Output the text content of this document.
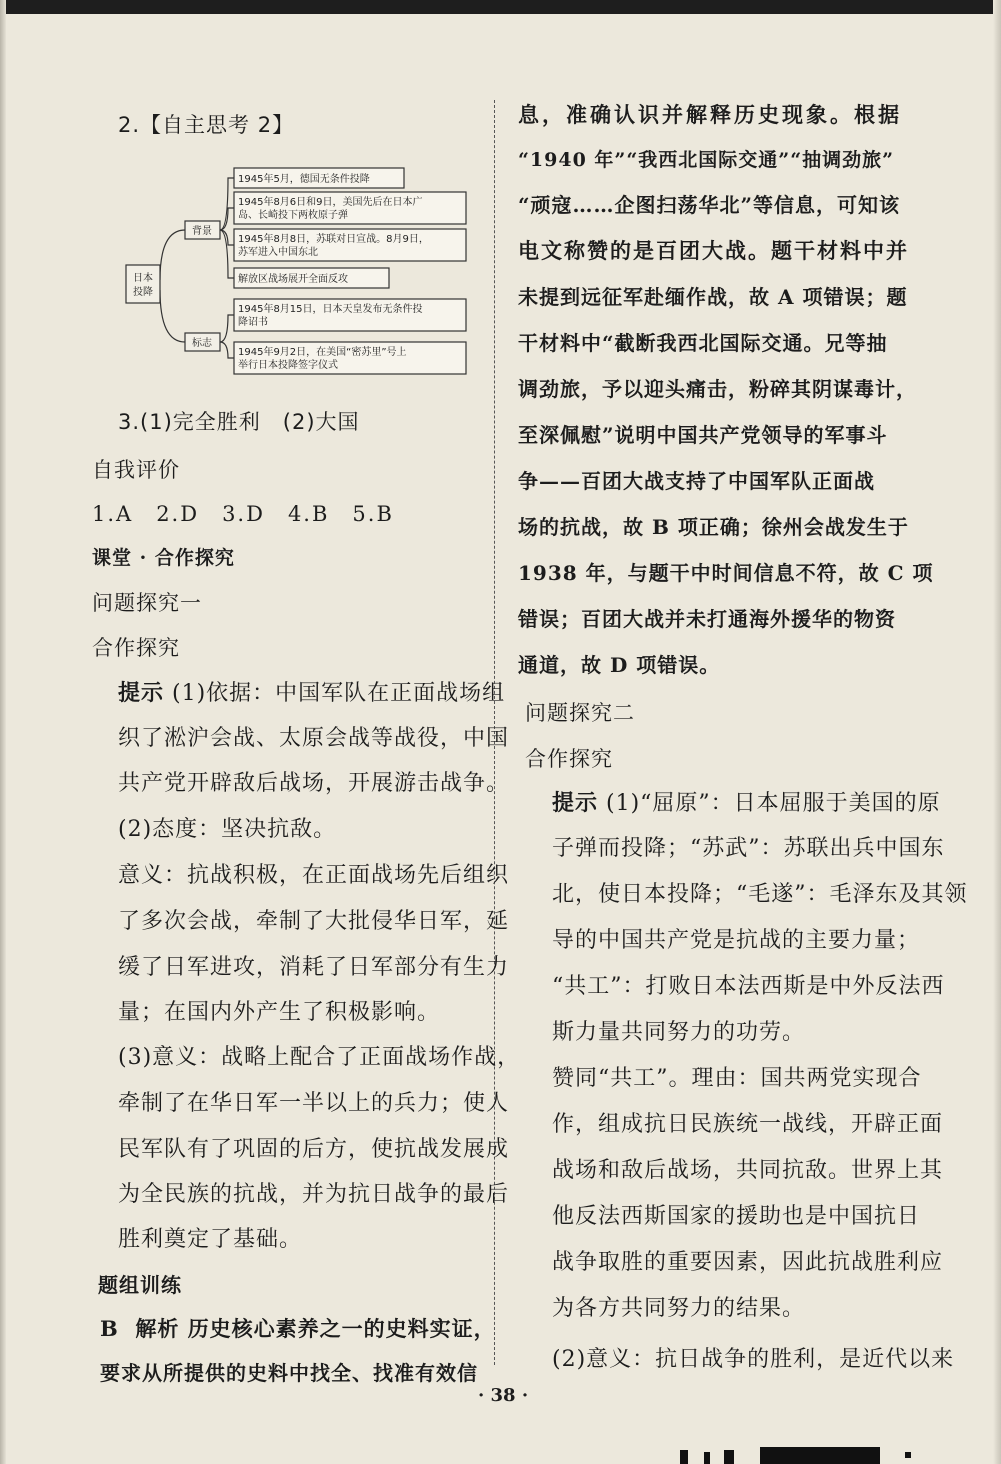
2.【自主思考 2】
日本
投降
背景
标志
1945年5月，德国无条件投降
1945年8月6日和9日，美国先后在日本广
岛、长崎投下两枚原子弹
1945年8月8日，苏联对日宣战。8月9日，
苏军进入中国东北
解放区战场展开全面反攻
1945年8月15日，日本天皇发布无条件投
降诏书
1945年9月2日，在美国“密苏里”号上
举行日本投降签字仪式
3.(1)完全胜利　(2)大国
自我评价
1.A　2.D　3.D　4.B　5.B
课堂 · 合作探究
问题探究一
合作探究
提示 (1)依据：中国军队在正面战场组
织了淞沪会战、太原会战等战役，中国
共产党开辟敌后战场，开展游击战争。
(2)态度：坚决抗敌。
意义：抗战积极，在正面战场先后组织
了多次会战，牵制了大批侵华日军，延
缓了日军进攻，消耗了日军部分有生力
量；在国内外产生了积极影响。
(3)意义：战略上配合了正面战场作战，
牵制了在华日军一半以上的兵力；使人
民军队有了巩固的后方，使抗战发展成
为全民族的抗战，并为抗日战争的最后
胜利奠定了基础。
题组训练
B 解析 历史核心素养之一的史料实证，
要求从所提供的史料中找全、找准有效信
息，准确认识并解释历史现象。根据
“1940 年”“我西北国际交通”“抽调劲旅”
“顽寇……企图扫荡华北”等信息，可知该
电文称赞的是百团大战。题干材料中并
未提到远征军赴缅作战，故 A 项错误；题
干材料中“截断我西北国际交通。兄等抽
调劲旅，予以迎头痛击，粉碎其阴谋毒计，
至深佩慰”说明中国共产党领导的军事斗
争——百团大战支持了中国军队正面战
场的抗战，故 B 项正确；徐州会战发生于
1938 年，与题干中时间信息不符，故 C 项
错误；百团大战并未打通海外援华的物资
通道，故 D 项错误。
问题探究二
合作探究
提示 (1)“屈原”：日本屈服于美国的原
子弹而投降；“苏武”：苏联出兵中国东
北，使日本投降；“毛遂”：毛泽东及其领
导的中国共产党是抗战的主要力量；
“共工”：打败日本法西斯是中外反法西
斯力量共同努力的功劳。
赞同“共工”。理由：国共两党实现合
作，组成抗日民族统一战线，开辟正面
战场和敌后战场，共同抗敌。世界上其
他反法西斯国家的援助也是中国抗日
战争取胜的重要因素，因此抗战胜利应
为各方共同努力的结果。
(2)意义：抗日战争的胜利，是近代以来
· 38 ·
